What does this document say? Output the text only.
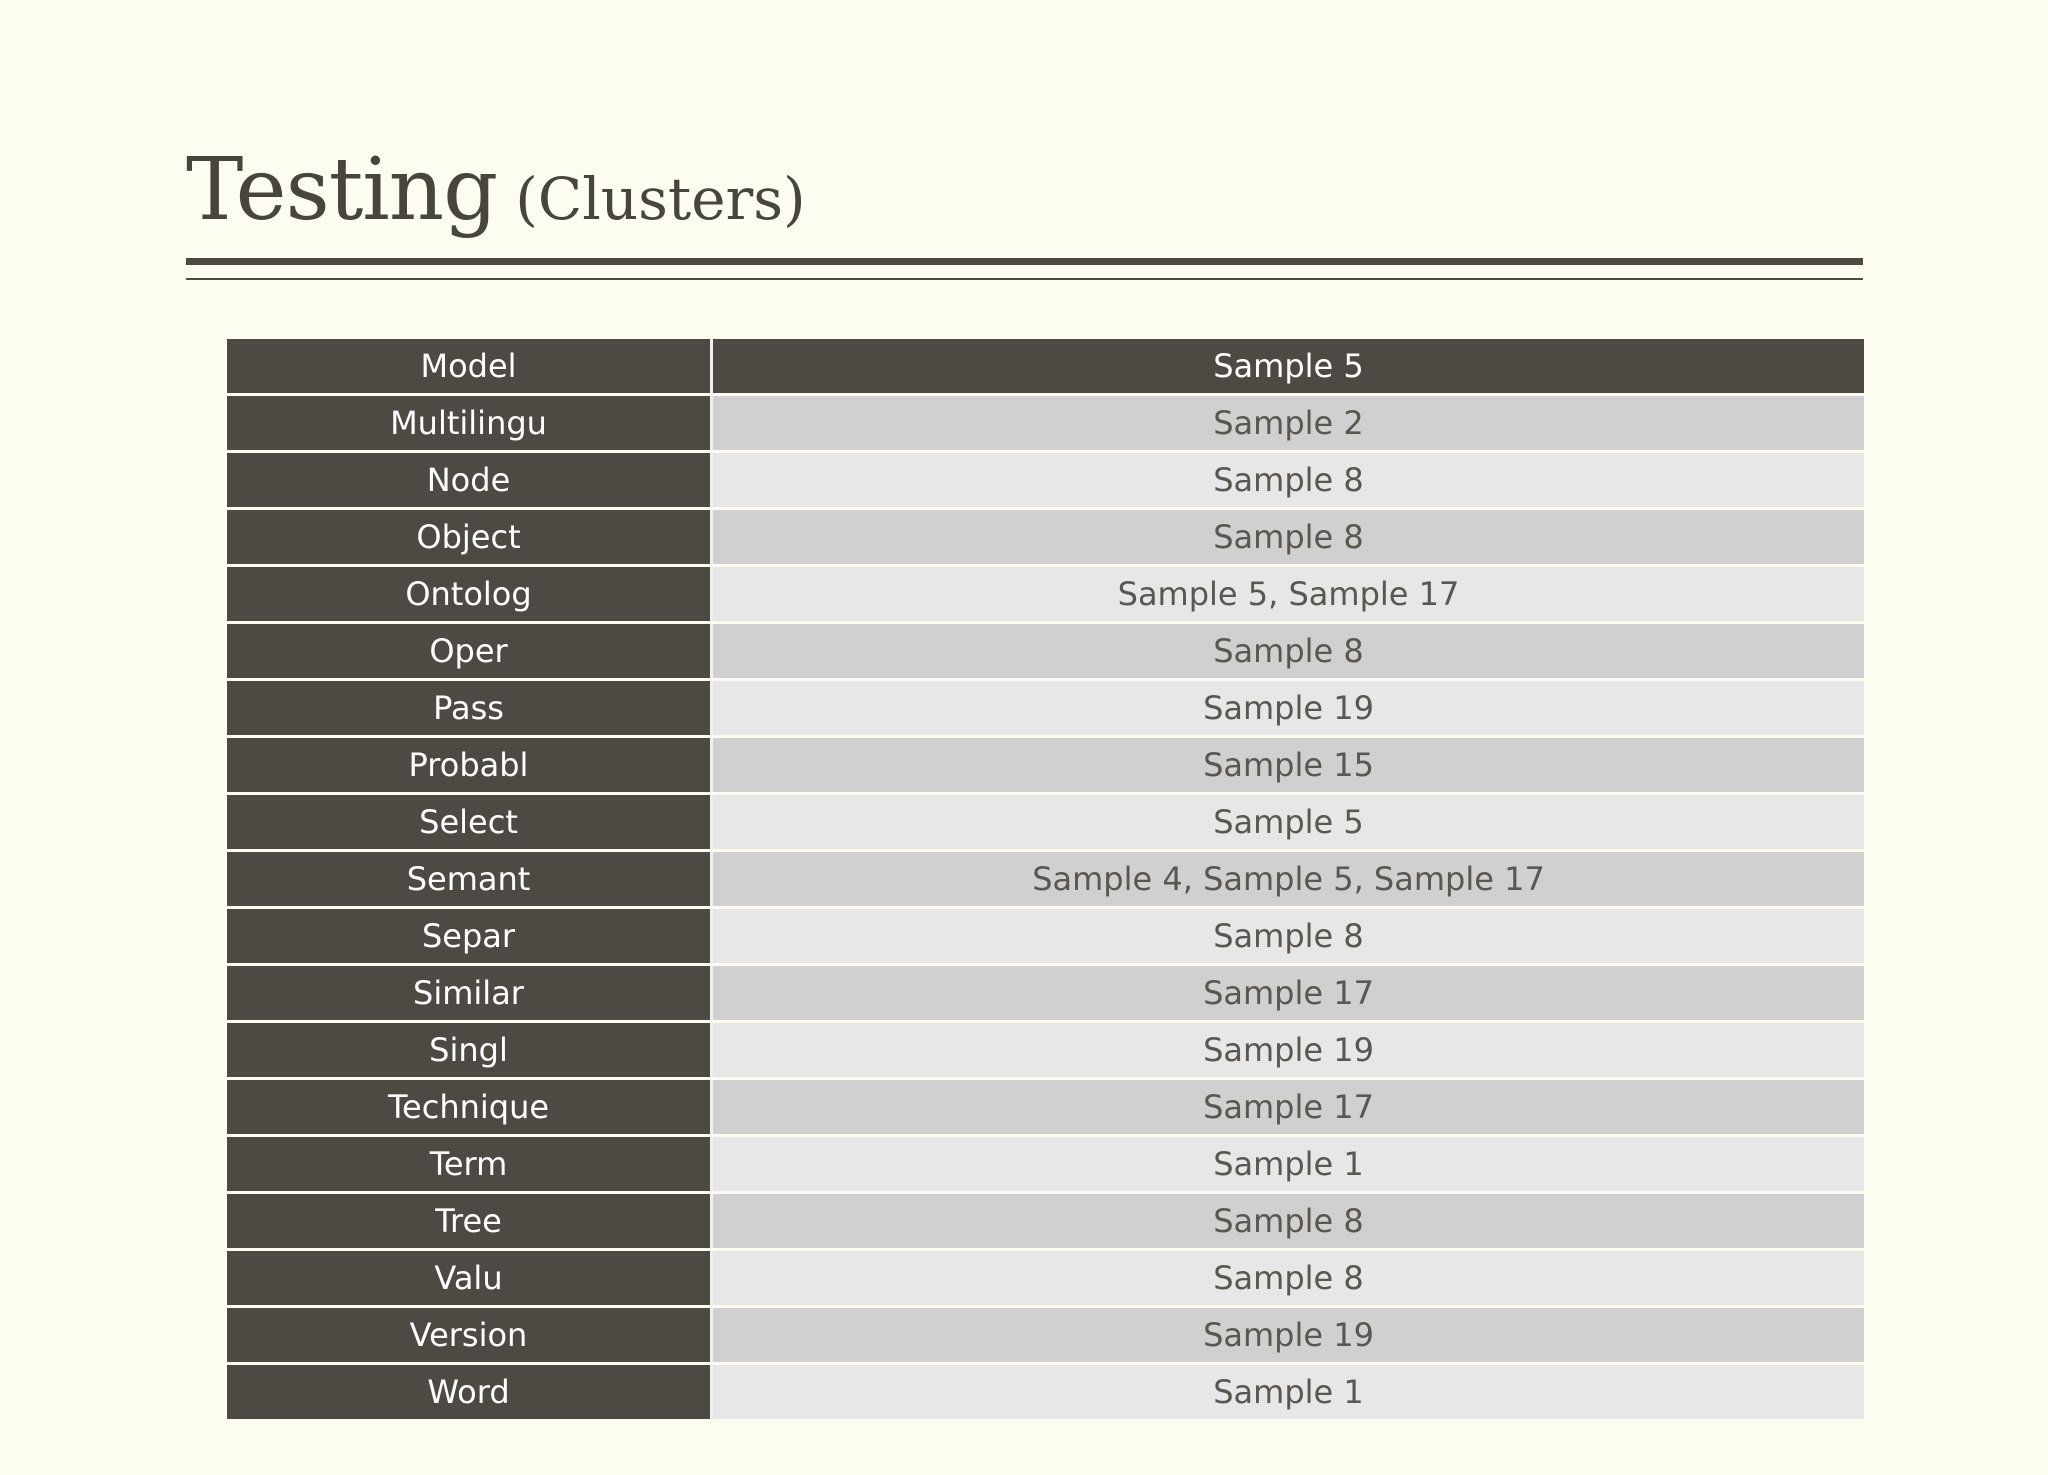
Testing (Clusters)
Model	Sample 5
Multilingu	Sample 2
Node	Sample 8
Object	Sample 8
Ontolog	Sample 5, Sample 17
Oper	Sample 8
Pass	Sample 19
Probabl	Sample 15
Select	Sample 5
Semant	Sample 4, Sample 5, Sample 17
Separ	Sample 8
Similar	Sample 17
Singl	Sample 19
Technique	Sample 17
Term	Sample 1
Tree	Sample 8
Valu	Sample 8
Version	Sample 19
Word	Sample 1
